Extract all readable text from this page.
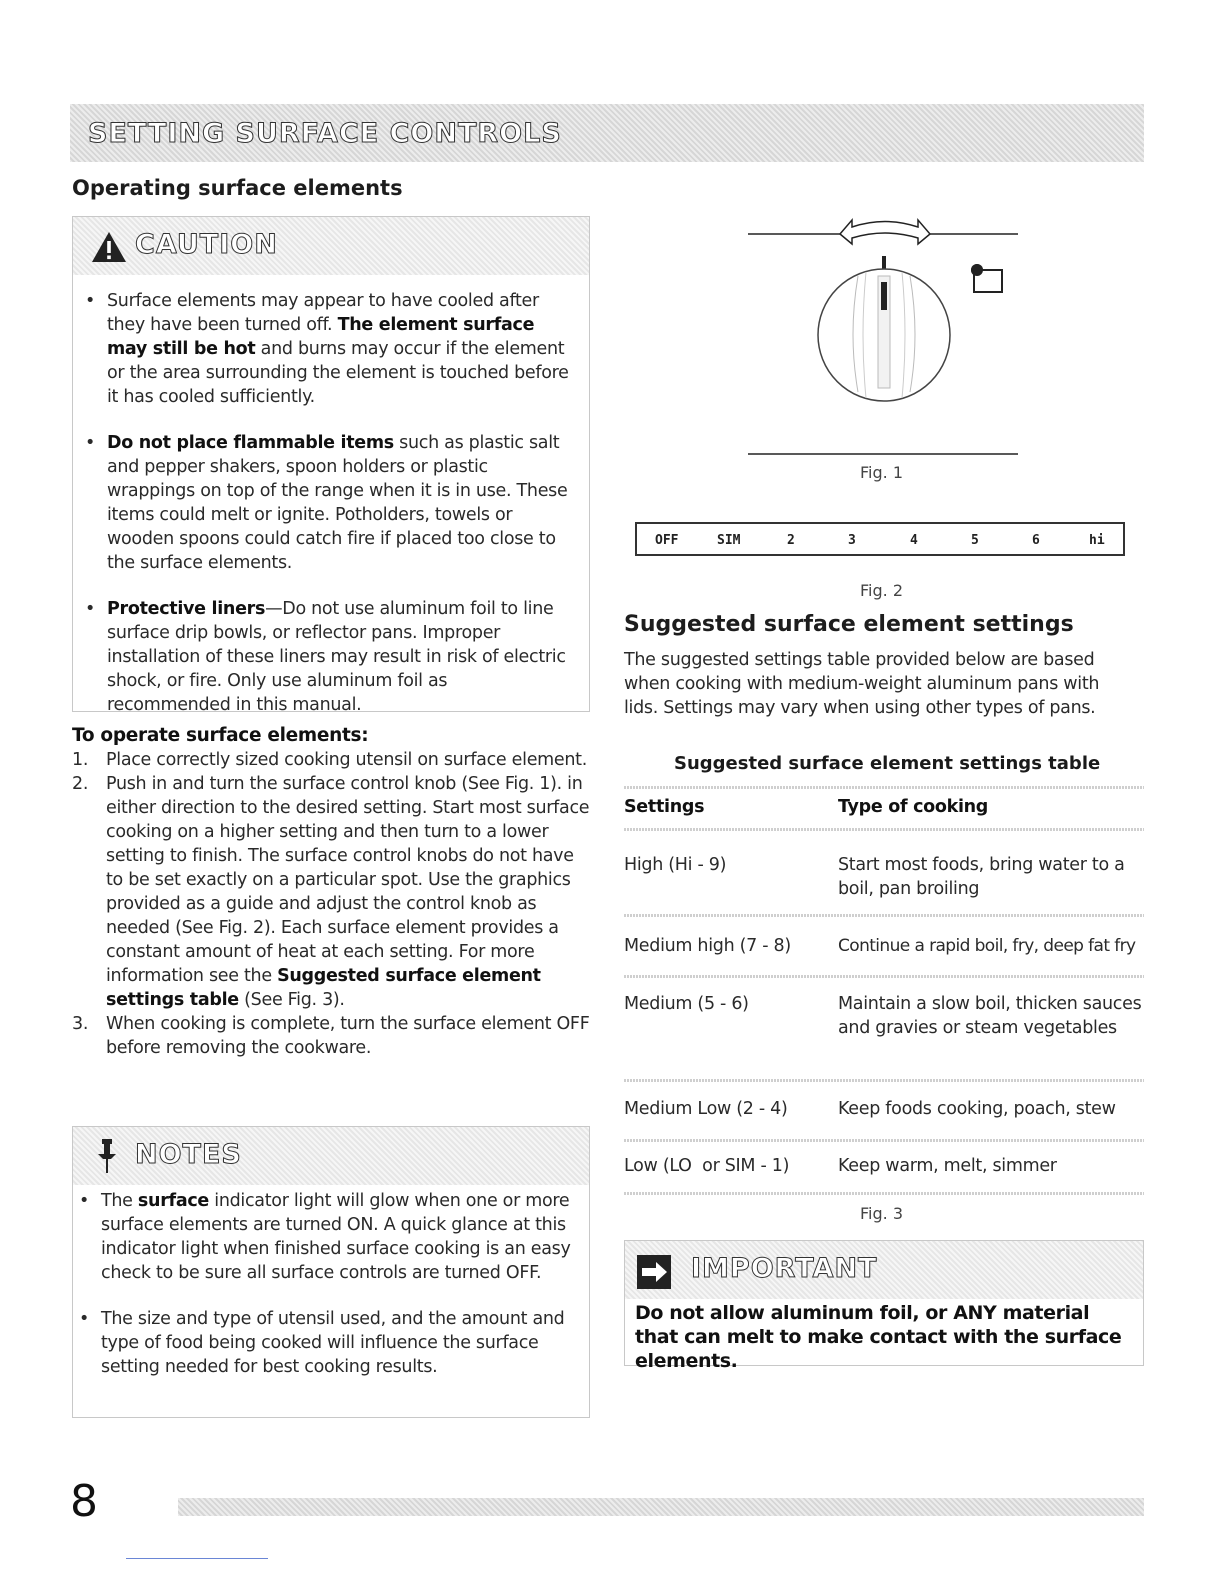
SETTING SURFACE CONTROLS
Operating surface elements
CAUTION
• Surface elements may appear to have cooled after they have been turned off. The element surface may still be hot and burns may occur if the element or the area surrounding the element is touched before it has cooled sufficiently.
• Do not place flammable items such as plastic salt and pepper shakers, spoon holders or plastic wrappings on top of the range when it is in use. These items could melt or ignite. Potholders, towels or wooden spoons could catch fire if placed too close to the surface elements.
• Protective liners—Do not use aluminum foil to line surface drip bowls, or reflector pans. Improper installation of these liners may result in risk of electric shock, or fire. Only use aluminum foil as recommended in this manual.
To operate surface elements:
1. Place correctly sized cooking utensil on surface element.
2. Push in and turn the surface control knob (See Fig. 1). in either direction to the desired setting. Start most surface cooking on a higher setting and then turn to a lower setting to finish. The surface control knobs do not have to be set exactly on a particular spot. Use the graphics provided as a guide and adjust the control knob as needed (See Fig. 2). Each surface element provides a constant amount of heat at each setting. For more information see the Suggested surface element settings table (See Fig. 3).
3. When cooking is complete, turn the surface element OFF before removing the cookware.
NOTES
• The surface indicator light will glow when one or more surface elements are turned ON. A quick glance at this indicator light when finished surface cooking is an easy check to be sure all surface controls are turned OFF.
• The size and type of utensil used, and the amount and type of food being cooked will influence the surface setting needed for best cooking results.
Fig. 1
OFF	SIM	2	3	4	5	6	hi
Fig. 2
Suggested surface element settings
The suggested settings table provided below are based when cooking with medium-weight aluminum pans with lids. Settings may vary when using other types of pans.
Suggested surface element settings table
Settings	Type of cooking
High (Hi - 9)	Start most foods, bring water to a boil, pan broiling
Medium high (7 - 8)	Continue a rapid boil, fry, deep fat fry
Medium (5 - 6)	Maintain a slow boil, thicken sauces and gravies or steam vegetables
Medium Low (2 - 4)	Keep foods cooking, poach, stew
Low (LO  or SIM - 1)	Keep warm, melt, simmer
Fig. 3
IMPORTANT
Do not allow aluminum foil, or ANY material that can melt to make contact with the surface elements.
8
